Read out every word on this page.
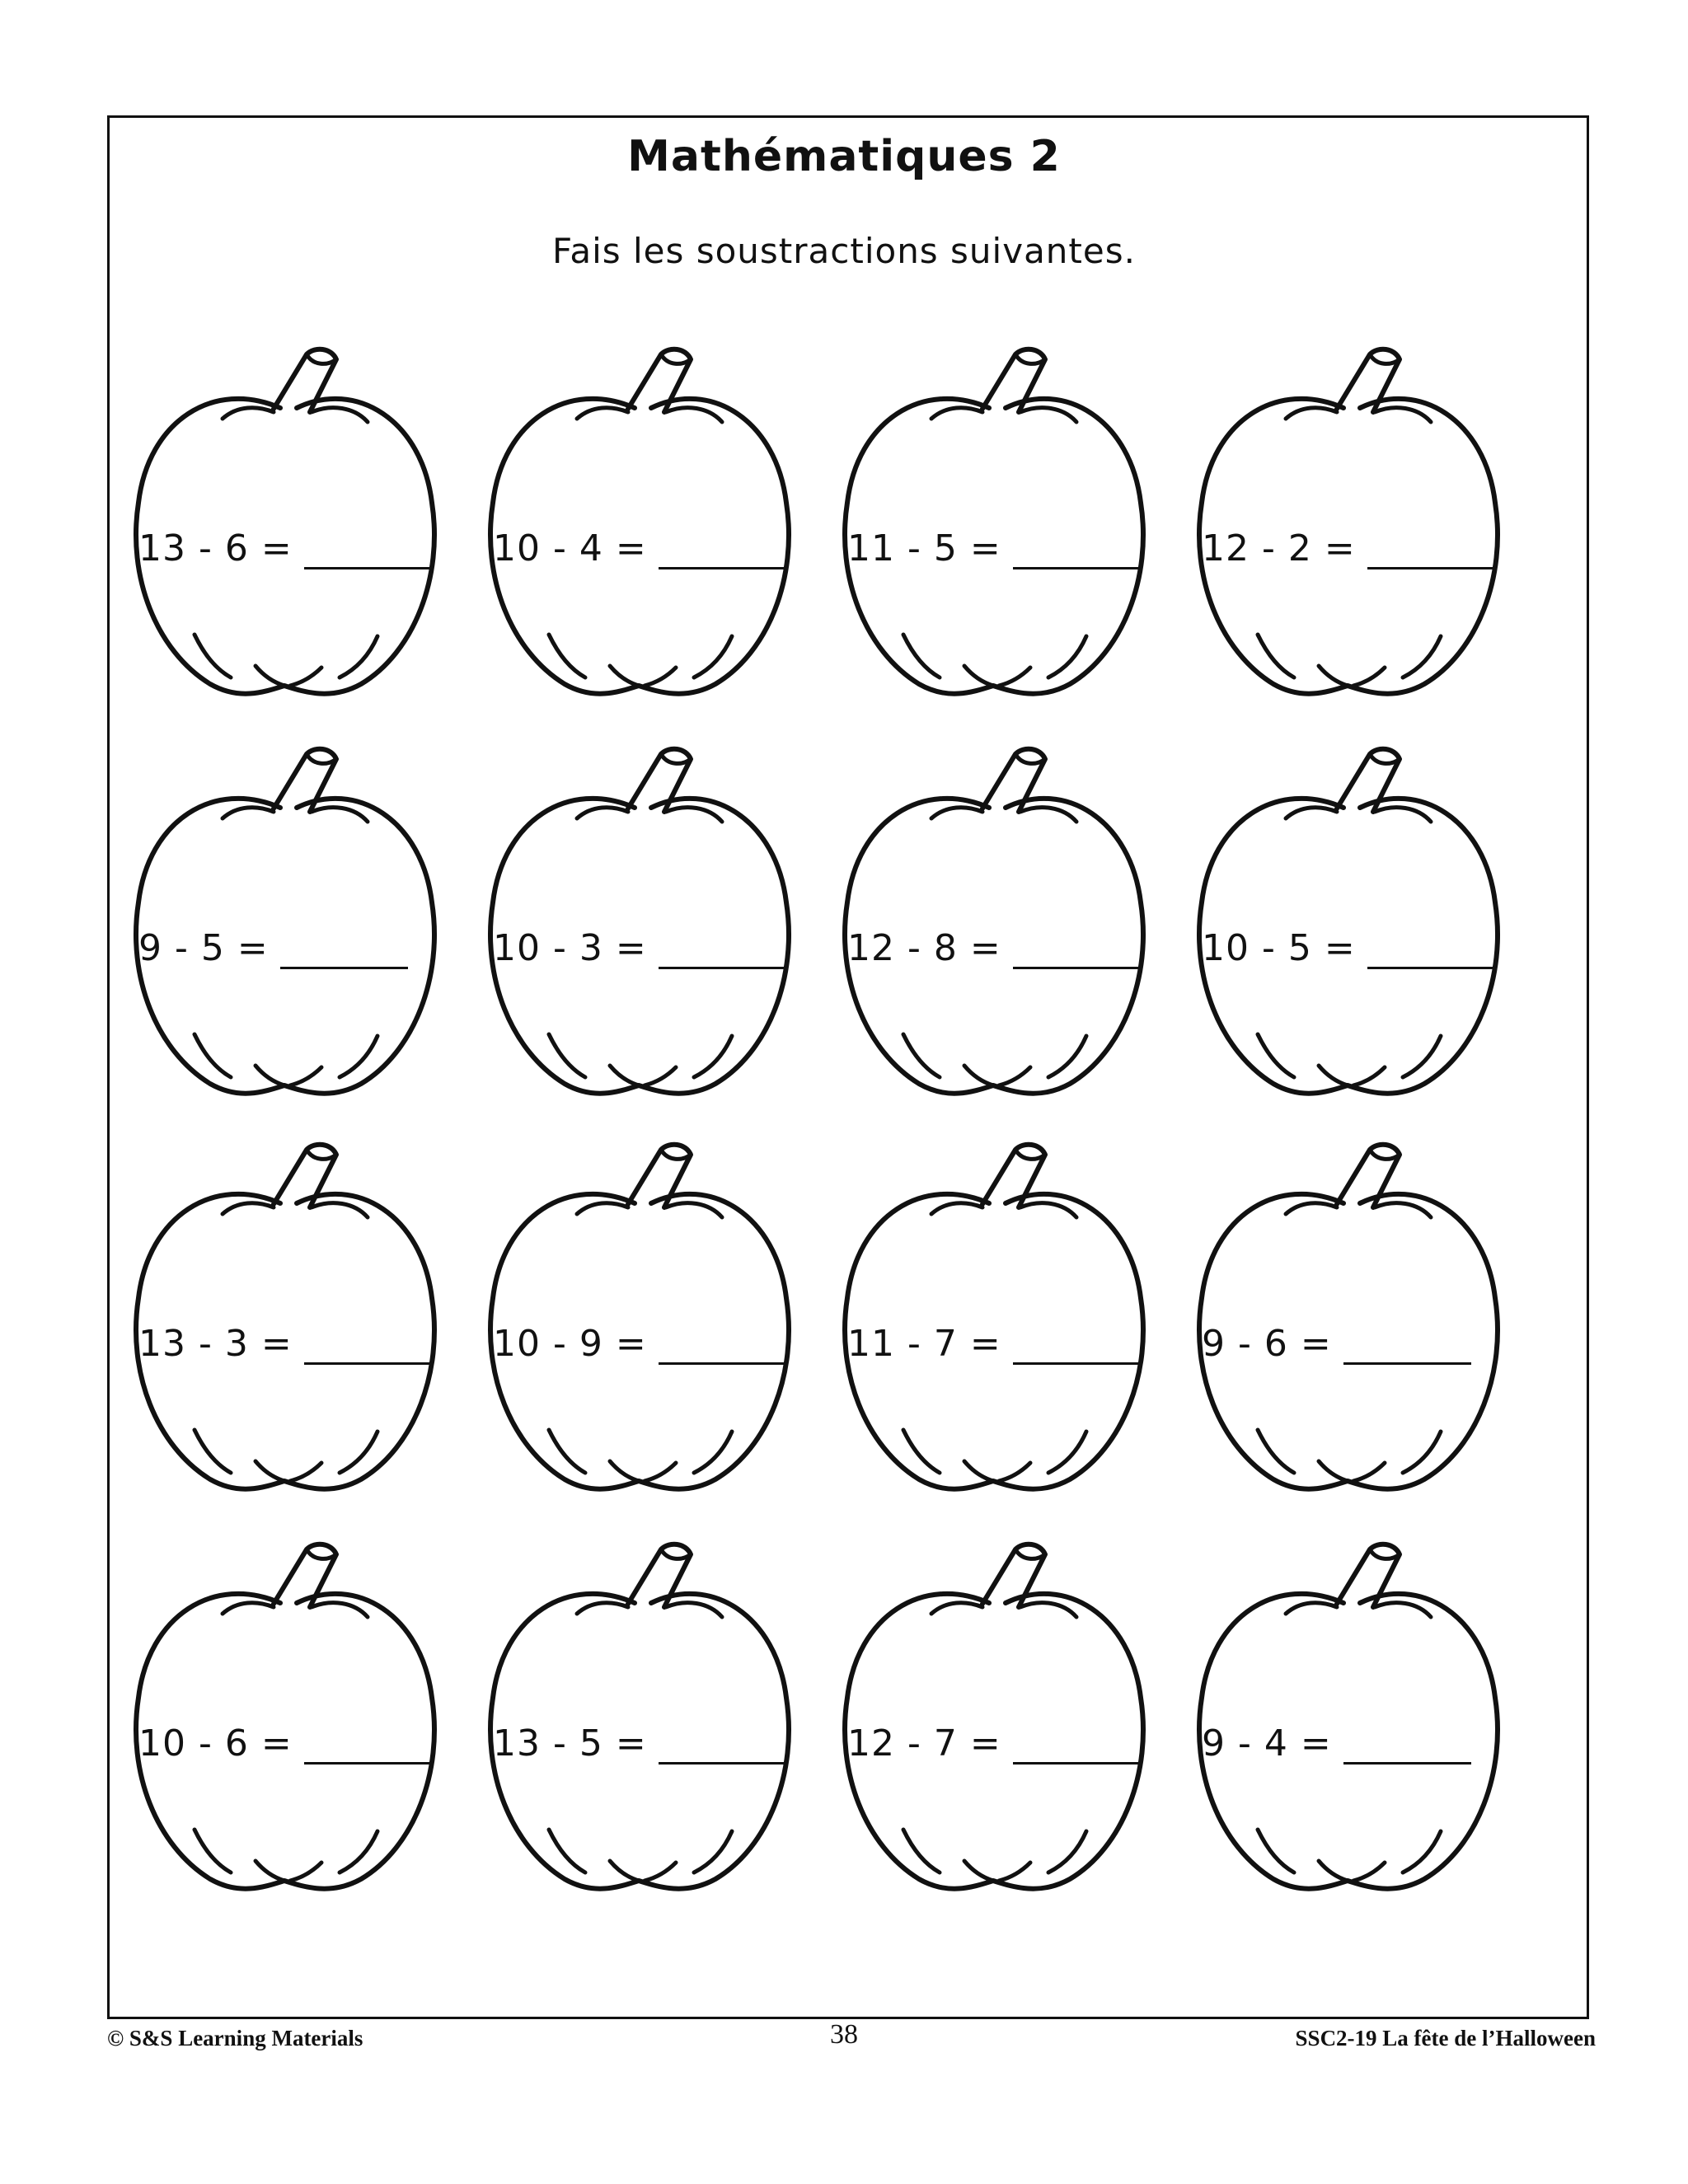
Mathématiques 2
Fais les soustractions suivantes.
13 - 6 =	10 - 4 =	11 - 5 =	12 - 2 =
9 - 5 =	10 - 3 =	12 - 8 =	10 - 5 =
13 - 3 =	10 - 9 =	11 - 7 =	9 - 6 =
10 - 6 =	13 - 5 =	12 - 7 =	9 - 4 =
© S&S Learning Materials	38	SSC2-19 La fête de l’Halloween
